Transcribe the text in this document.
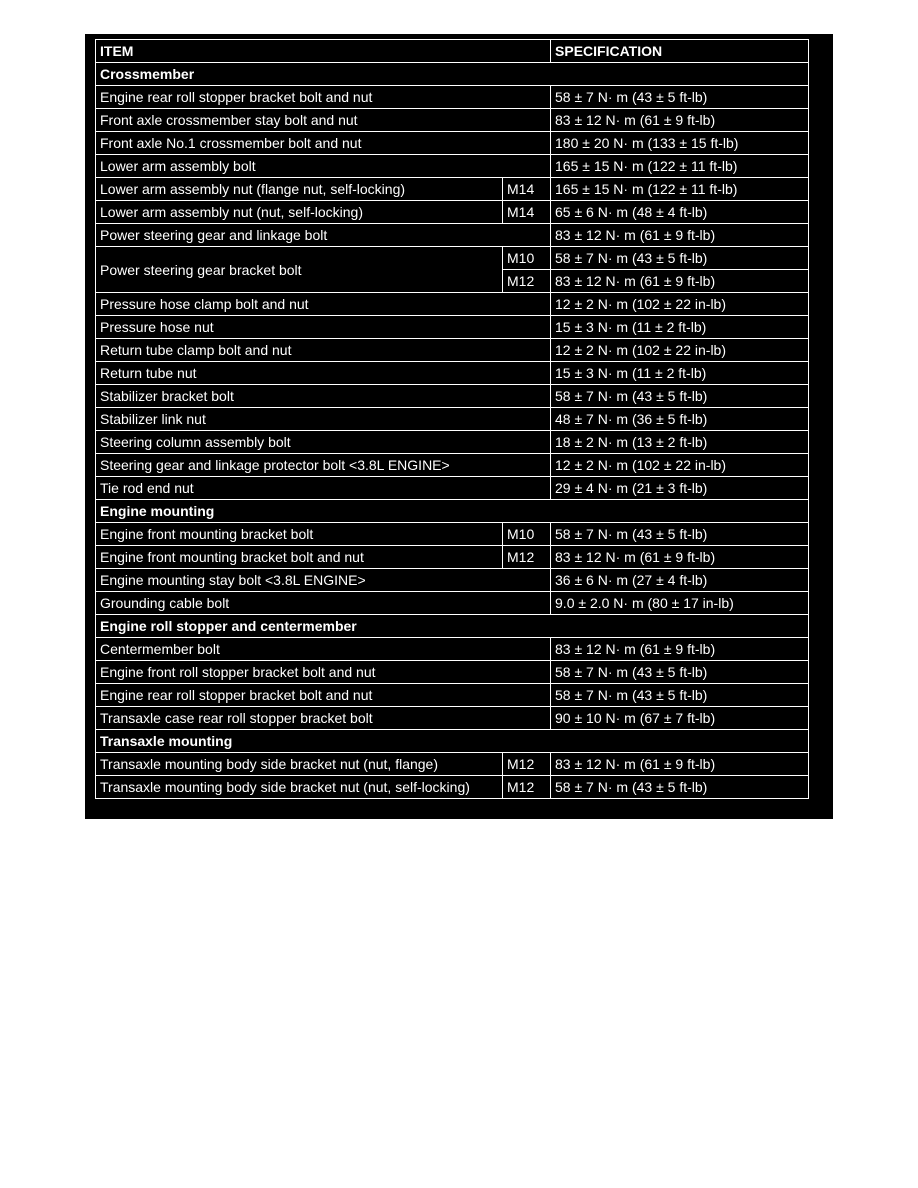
ITEM		SPECIFICATION
Crossmember		
Engine rear roll stopper bracket bolt and nut		58 ± 7 N· m (43 ± 5 ft-lb)
Front axle crossmember stay bolt and nut		83 ± 12 N· m (61 ± 9 ft-lb)
Front axle No.1 crossmember bolt and nut		180 ± 20 N· m (133 ± 15 ft-lb)
Lower arm assembly bolt		165 ± 15 N· m (122 ± 11 ft-lb)
Lower arm assembly nut (flange nut, self-locking)	M14	165 ± 15 N· m (122 ± 11 ft-lb)
Lower arm assembly nut (nut, self-locking)	M14	65 ± 6 N· m (48 ± 4 ft-lb)
Power steering gear and linkage bolt		83 ± 12 N· m (61 ± 9 ft-lb)
Power steering gear bracket bolt	M10	58 ± 7 N· m (43 ± 5 ft-lb)
	M12	83 ± 12 N· m (61 ± 9 ft-lb)
Pressure hose clamp bolt and nut		12 ± 2 N· m (102 ± 22 in-lb)
Pressure hose nut		15 ± 3 N· m (11 ± 2 ft-lb)
Return tube clamp bolt and nut		12 ± 2 N· m (102 ± 22 in-lb)
Return tube nut		15 ± 3 N· m (11 ± 2 ft-lb)
Stabilizer bracket bolt		58 ± 7 N· m (43 ± 5 ft-lb)
Stabilizer link nut		48 ± 7 N· m (36 ± 5 ft-lb)
Steering column assembly bolt		18 ± 2 N· m (13 ± 2 ft-lb)
Steering gear and linkage protector bolt <3.8L ENGINE>		12 ± 2 N· m (102 ± 22 in-lb)
Tie rod end nut		29 ± 4 N· m (21 ± 3 ft-lb)
Engine mounting		
Engine front mounting bracket bolt	M10	58 ± 7 N· m (43 ± 5 ft-lb)
Engine front mounting bracket bolt and nut	M12	83 ± 12 N· m (61 ± 9 ft-lb)
Engine mounting stay bolt <3.8L ENGINE>		36 ± 6 N· m (27 ± 4 ft-lb)
Grounding cable bolt		9.0 ± 2.0 N· m (80 ± 17 in-lb)
Engine roll stopper and centermember		
Centermember bolt		83 ± 12 N· m (61 ± 9 ft-lb)
Engine front roll stopper bracket bolt and nut		58 ± 7 N· m (43 ± 5 ft-lb)
Engine rear roll stopper bracket bolt and nut		58 ± 7 N· m (43 ± 5 ft-lb)
Transaxle case rear roll stopper bracket bolt		90 ± 10 N· m (67 ± 7 ft-lb)
Transaxle mounting		
Transaxle mounting body side bracket nut (nut, flange)	M12	83 ± 12 N· m (61 ± 9 ft-lb)
Transaxle mounting body side bracket nut (nut, self-locking)	M12	58 ± 7 N· m (43 ± 5 ft-lb)
